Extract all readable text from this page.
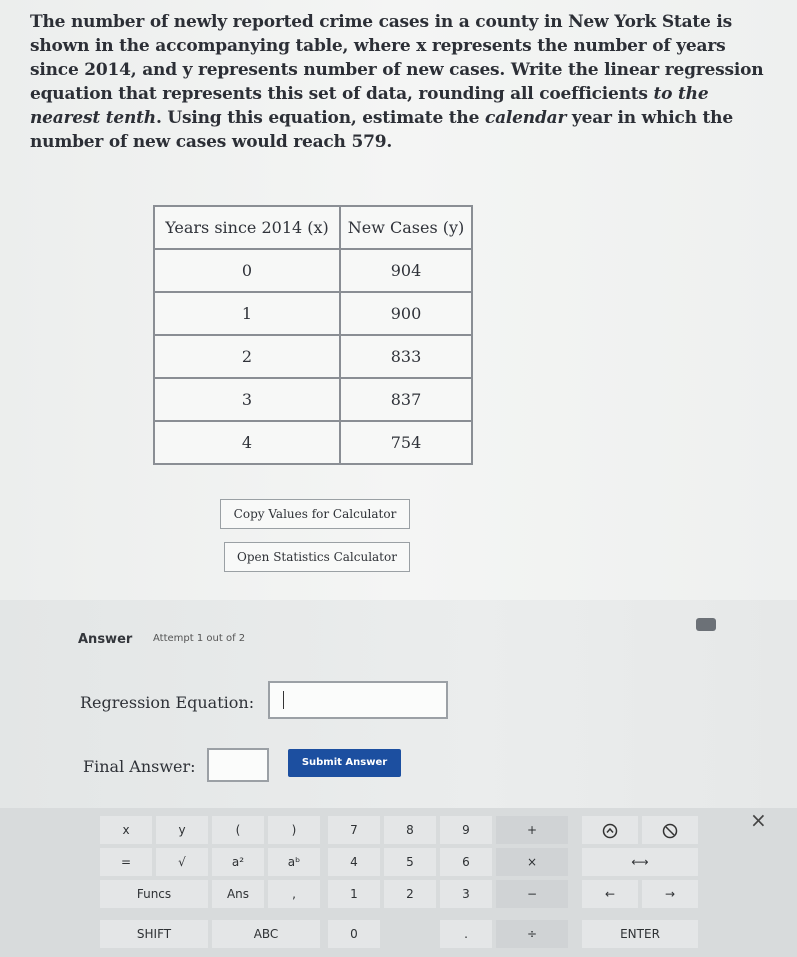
The number of newly reported crime cases in a county in New York State is shown in the accompanying table, where x represents the number of years since 2014, and y represents number of new cases. Write the linear regression equation that represents this set of data, rounding all coefficients to the nearest tenth. Using this equation, estimate the calendar year in which the number of new cases would reach 579.
Years since 2014 (x)	New Cases (y)
0	904
1	900
2	833
3	837
4	754
Copy Values for Calculator
Open Statistics Calculator
Answer Attempt 1 out of 2
Regression Equation:
Final Answer:	Submit Answer
x	y	(	)	7	8	9	+	×
=	√	a²	aᵇ	4	5	6	×	⟷
Funcs	Ans	,	1	2	3	−	←	→
SHIFT	ABC	0	.	÷	ENTER
